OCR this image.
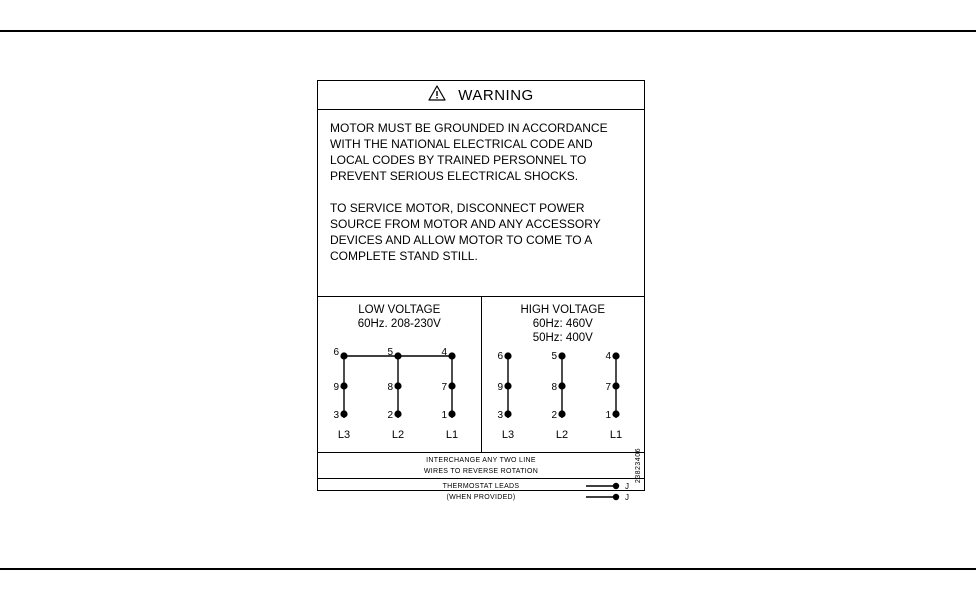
WARNING

MOTOR MUST BE GROUNDED IN ACCORDANCE WITH THE NATIONAL ELECTRICAL CODE AND LOCAL CODES BY TRAINED PERSONNEL TO PREVENT SERIOUS ELECTRICAL SHOCKS.

TO SERVICE MOTOR, DISCONNECT POWER SOURCE FROM MOTOR AND ANY ACCESSORY DEVICES AND ALLOW MOTOR TO COME TO A COMPLETE STAND STILL.

LOW VOLTAGE
60Hz. 208-230V
6	5	4
9	8	7
3	2	1
L3	L2	L1
HIGH VOLTAGE
60Hz: 460V
50Hz: 400V
6	5	4
9	8	7
3	2	1
L3	L2	L1
23823406
INTERCHANGE ANY TWO LINE
WIRES TO REVERSE ROTATION
THERMOSTAT LEADS
(WHEN PROVIDED)
J
J
